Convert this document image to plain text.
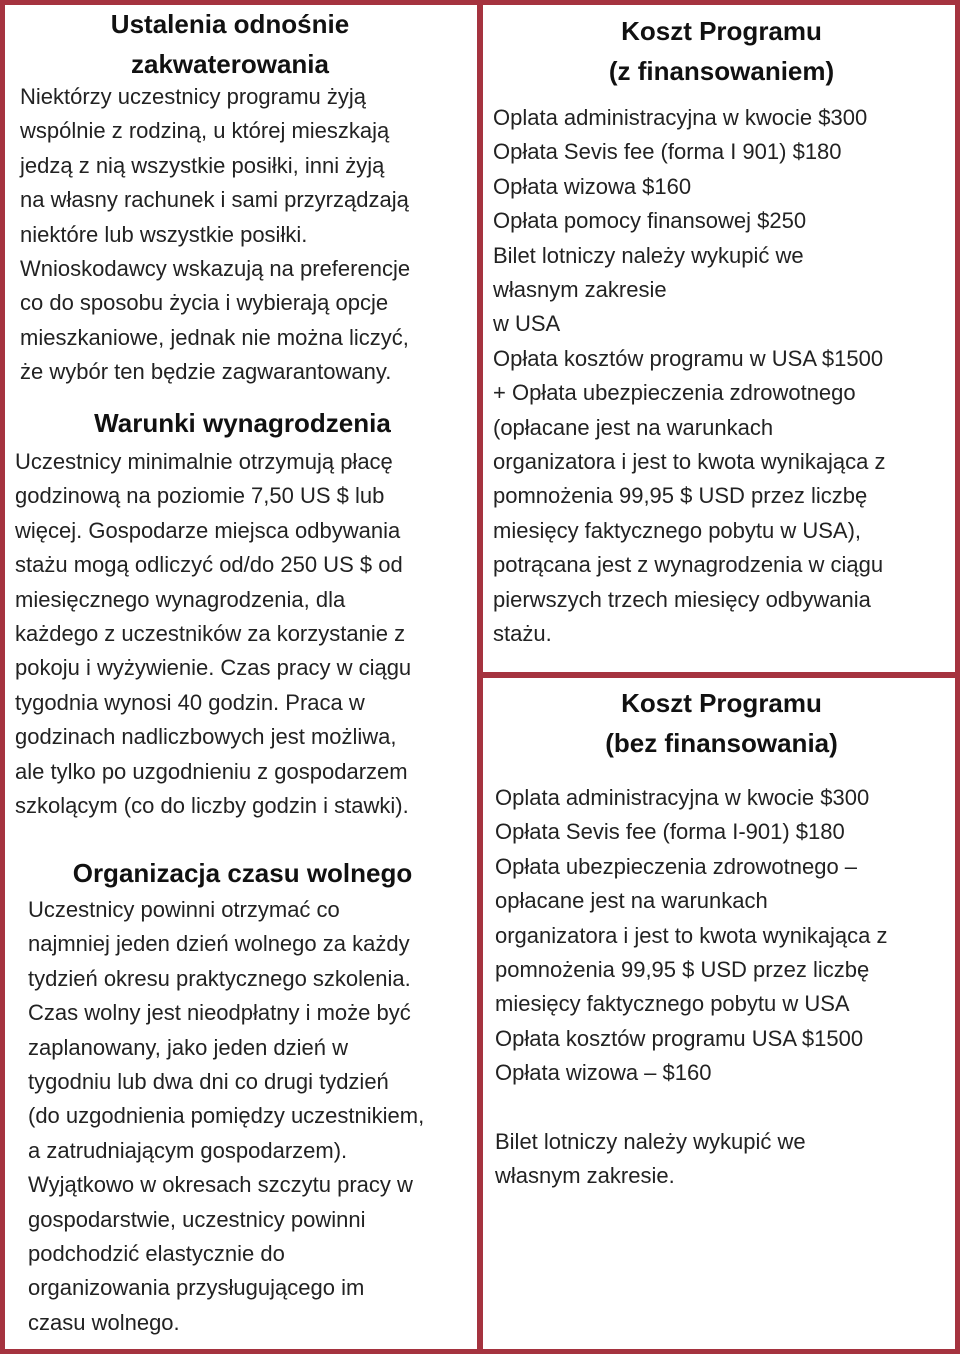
Ustalenia odnośnie
zakwaterowania

Niektórzy uczestnicy programu żyją
wspólnie z rodziną, u której mieszkają
jedzą z nią wszystkie posiłki, inni żyją
na własny rachunek i sami przyrządzają
niektóre lub wszystkie posiłki.
Wnioskodawcy wskazują na preferencje
co do sposobu życia i wybierają opcje
mieszkaniowe, jednak nie można liczyć,
że wybór ten będzie zagwarantowany.

Warunki wynagrodzenia

Uczestnicy minimalnie otrzymują płacę
godzinową na poziomie 7,50 US $ lub
więcej. Gospodarze miejsca odbywania
stażu mogą odliczyć od/do 250 US $ od
miesięcznego wynagrodzenia, dla
każdego z uczestników za korzystanie z
pokoju i wyżywienie. Czas pracy w ciągu
tygodnia wynosi 40 godzin. Praca w
godzinach nadliczbowych jest możliwa,
ale tylko po uzgodnieniu z gospodarzem
szkolącym (co do liczby godzin i stawki).

Organizacja czasu wolnego

Uczestnicy powinni otrzymać co
najmniej jeden dzień wolnego za każdy
tydzień okresu praktycznego szkolenia.
Czas wolny jest nieodpłatny i może być
zaplanowany, jako jeden dzień w
tygodniu lub dwa dni co drugi tydzień
(do uzgodnienia pomiędzy uczestnikiem,
a zatrudniającym gospodarzem).
Wyjątkowo w okresach szczytu pracy w
gospodarstwie, uczestnicy powinni
podchodzić elastycznie do
organizowania przysługującego im
czasu wolnego.

Koszt Programu
(z finansowaniem)

Oplata administracyjna w kwocie $300
Opłata Sevis fee (forma I 901) $180
Opłata wizowa $160
Opłata pomocy finansowej $250
Bilet lotniczy należy wykupić we
własnym zakresie
w USA
Opłata kosztów programu w USA $1500
+ Opłata ubezpieczenia zdrowotnego
(opłacane jest na warunkach
organizatora i jest to kwota wynikająca z
pomnożenia 99,95 $ USD przez liczbę
miesięcy faktycznego pobytu w USA),
potrącana jest z wynagrodzenia w ciągu
pierwszych trzech miesięcy odbywania
stażu.

Koszt Programu
(bez finansowania)

Oplata administracyjna w kwocie $300
Opłata Sevis fee (forma I-901) $180
Opłata ubezpieczenia zdrowotnego –
opłacane jest na warunkach
organizatora i jest to kwota wynikająca z
pomnożenia 99,95 $ USD przez liczbę
miesięcy faktycznego pobytu w USA
Opłata kosztów programu USA $1500
Opłata wizowa – $160

Bilet lotniczy należy wykupić we
własnym zakresie.
